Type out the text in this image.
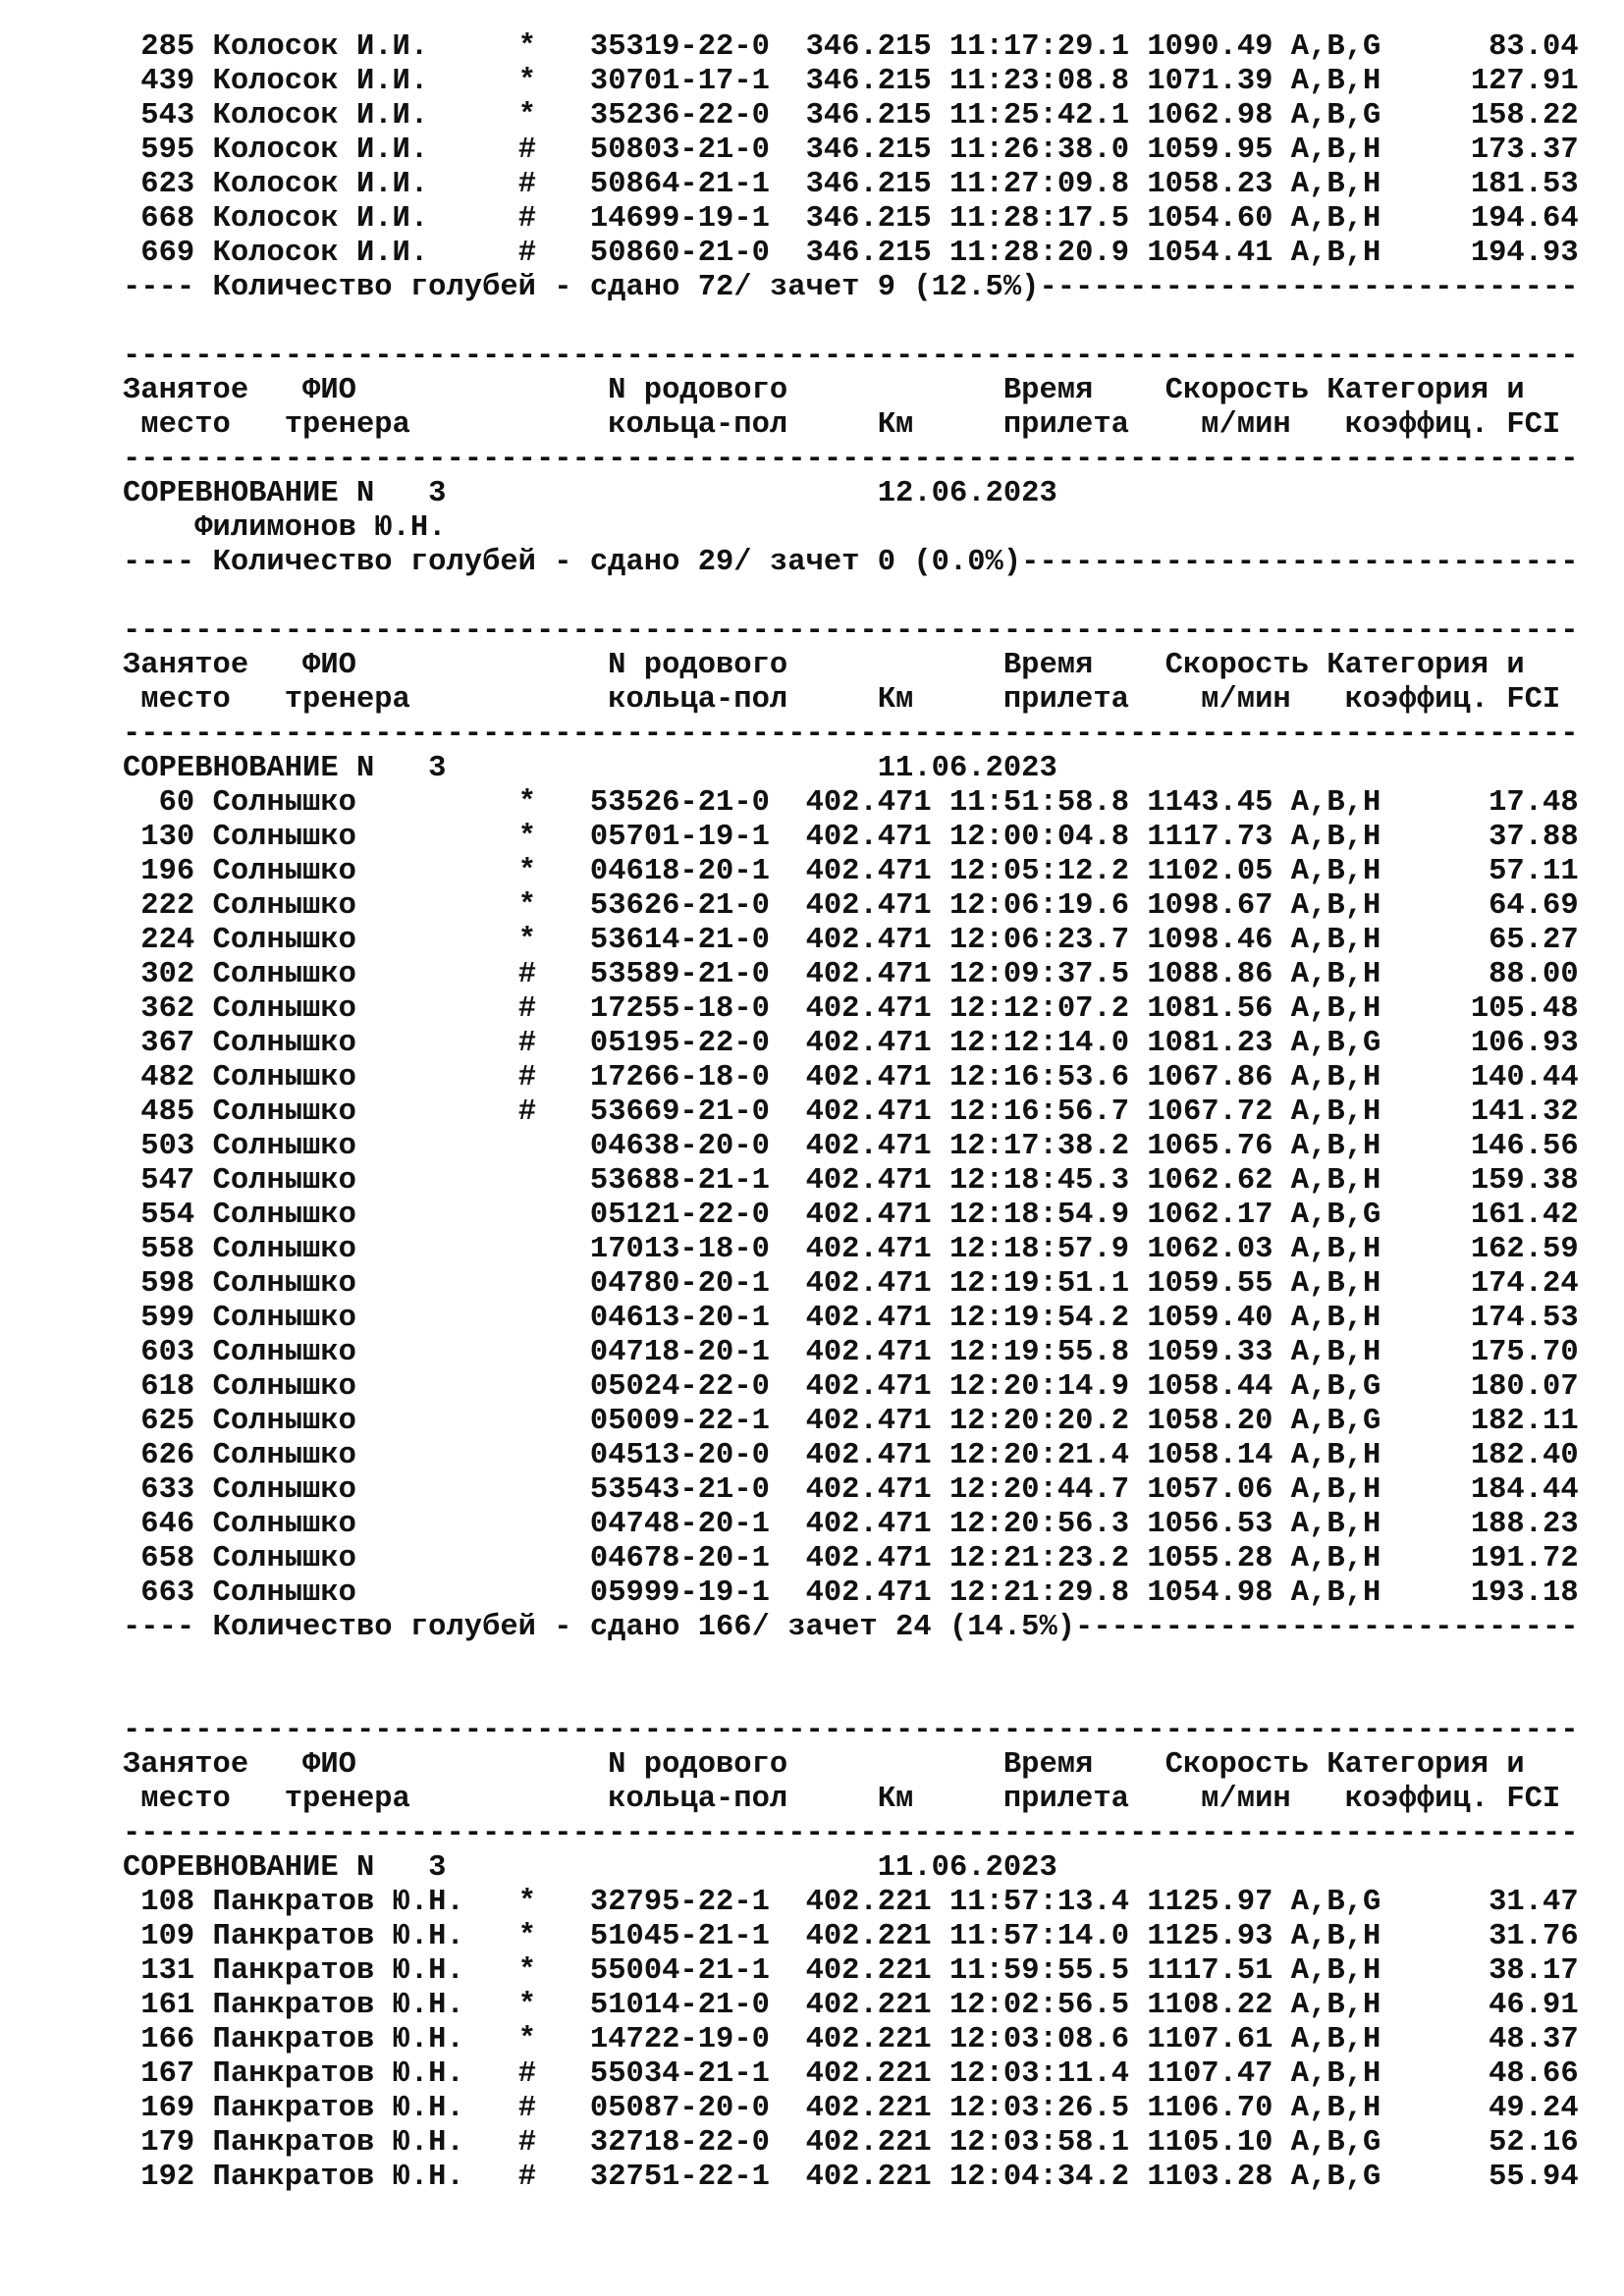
285 Колосок И.И.     *   35319-22-0  346.215 11:17:29.1 1090.49 A,B,G	83.04
439 Колосок И.И.     *   30701-17-1  346.215 11:23:08.8 1071.39 A,B,H	127.91
543 Колосок И.И.     *   35236-22-0  346.215 11:25:42.1 1062.98 A,B,G	158.22
595 Колосок И.И.     #   50803-21-0  346.215 11:26:38.0 1059.95 A,B,H	173.37
623 Колосок И.И.     #   50864-21-1  346.215 11:27:09.8 1058.23 A,B,H	181.53
668 Колосок И.И.     #   14699-19-1  346.215 11:28:17.5 1054.60 A,B,H	194.64
669 Колосок И.И.     #   50860-21-0  346.215 11:28:20.9 1054.41 A,B,H	194.93
---- Количество голубей - сдано 72/ зачет 9 (12.5%)------------------------------
---------------------------------------------------------------------------------
Занятое   ФИО              N родового            Время    Скорость Категория и
место   тренера           кольца-пол     Км     прилета    м/мин   коэффиц. FCI
---------------------------------------------------------------------------------
СОРЕВНОВАНИЕ N   3	12.06.2023
Филимонов Ю.Н.
---- Количество голубей - сдано 29/ зачет 0 (0.0%)-------------------------------
---------------------------------------------------------------------------------
Занятое   ФИО              N родового            Время    Скорость Категория и
место   тренера           кольца-пол     Км     прилета    м/мин   коэффиц. FCI
---------------------------------------------------------------------------------
СОРЕВНОВАНИЕ N   3	11.06.2023
60 Солнышко         *   53526-21-0  402.471 11:51:58.8 1143.45 A,B,H	17.48
130 Солнышко         *   05701-19-1  402.471 12:00:04.8 1117.73 A,B,H	37.88
196 Солнышко         *   04618-20-1  402.471 12:05:12.2 1102.05 A,B,H	57.11
222 Солнышко         *   53626-21-0  402.471 12:06:19.6 1098.67 A,B,H	64.69
224 Солнышко         *   53614-21-0  402.471 12:06:23.7 1098.46 A,B,H	65.27
302 Солнышко         #   53589-21-0  402.471 12:09:37.5 1088.86 A,B,H	88.00
362 Солнышко         #   17255-18-0  402.471 12:12:07.2 1081.56 A,B,H	105.48
367 Солнышко         #   05195-22-0  402.471 12:12:14.0 1081.23 A,B,G	106.93
482 Солнышко         #   17266-18-0  402.471 12:16:53.6 1067.86 A,B,H	140.44
485 Солнышко         #   53669-21-0  402.471 12:16:56.7 1067.72 A,B,H	141.32
503 Солнышко             04638-20-0  402.471 12:17:38.2 1065.76 A,B,H	146.56
547 Солнышко             53688-21-1  402.471 12:18:45.3 1062.62 A,B,H	159.38
554 Солнышко             05121-22-0  402.471 12:18:54.9 1062.17 A,B,G	161.42
558 Солнышко             17013-18-0  402.471 12:18:57.9 1062.03 A,B,H	162.59
598 Солнышко             04780-20-1  402.471 12:19:51.1 1059.55 A,B,H	174.24
599 Солнышко             04613-20-1  402.471 12:19:54.2 1059.40 A,B,H	174.53
603 Солнышко             04718-20-1  402.471 12:19:55.8 1059.33 A,B,H	175.70
618 Солнышко             05024-22-0  402.471 12:20:14.9 1058.44 A,B,G	180.07
625 Солнышко             05009-22-1  402.471 12:20:20.2 1058.20 A,B,G	182.11
626 Солнышко             04513-20-0  402.471 12:20:21.4 1058.14 A,B,H	182.40
633 Солнышко             53543-21-0  402.471 12:20:44.7 1057.06 A,B,H	184.44
646 Солнышко             04748-20-1  402.471 12:20:56.3 1056.53 A,B,H	188.23
658 Солнышко             04678-20-1  402.471 12:21:23.2 1055.28 A,B,H	191.72
663 Солнышко             05999-19-1  402.471 12:21:29.8 1054.98 A,B,H	193.18
---- Количество голубей - сдано 166/ зачет 24 (14.5%)----------------------------
---------------------------------------------------------------------------------
Занятое   ФИО              N родового            Время    Скорость Категория и
место   тренера           кольца-пол     Км     прилета    м/мин   коэффиц. FCI
---------------------------------------------------------------------------------
СОРЕВНОВАНИЕ N   3	11.06.2023
108 Панкратов Ю.Н.   *   32795-22-1  402.221 11:57:13.4 1125.97 A,B,G	31.47
109 Панкратов Ю.Н.   *   51045-21-1  402.221 11:57:14.0 1125.93 A,B,H	31.76
131 Панкратов Ю.Н.   *   55004-21-1  402.221 11:59:55.5 1117.51 A,B,H	38.17
161 Панкратов Ю.Н.   *   51014-21-0  402.221 12:02:56.5 1108.22 A,B,H	46.91
166 Панкратов Ю.Н.   *   14722-19-0  402.221 12:03:08.6 1107.61 A,B,H	48.37
167 Панкратов Ю.Н.   #   55034-21-1  402.221 12:03:11.4 1107.47 A,B,H	48.66
169 Панкратов Ю.Н.   #   05087-20-0  402.221 12:03:26.5 1106.70 A,B,H	49.24
179 Панкратов Ю.Н.   #   32718-22-0  402.221 12:03:58.1 1105.10 A,B,G	52.16
192 Панкратов Ю.Н.   #   32751-22-1  402.221 12:04:34.2 1103.28 A,B,G	55.94
